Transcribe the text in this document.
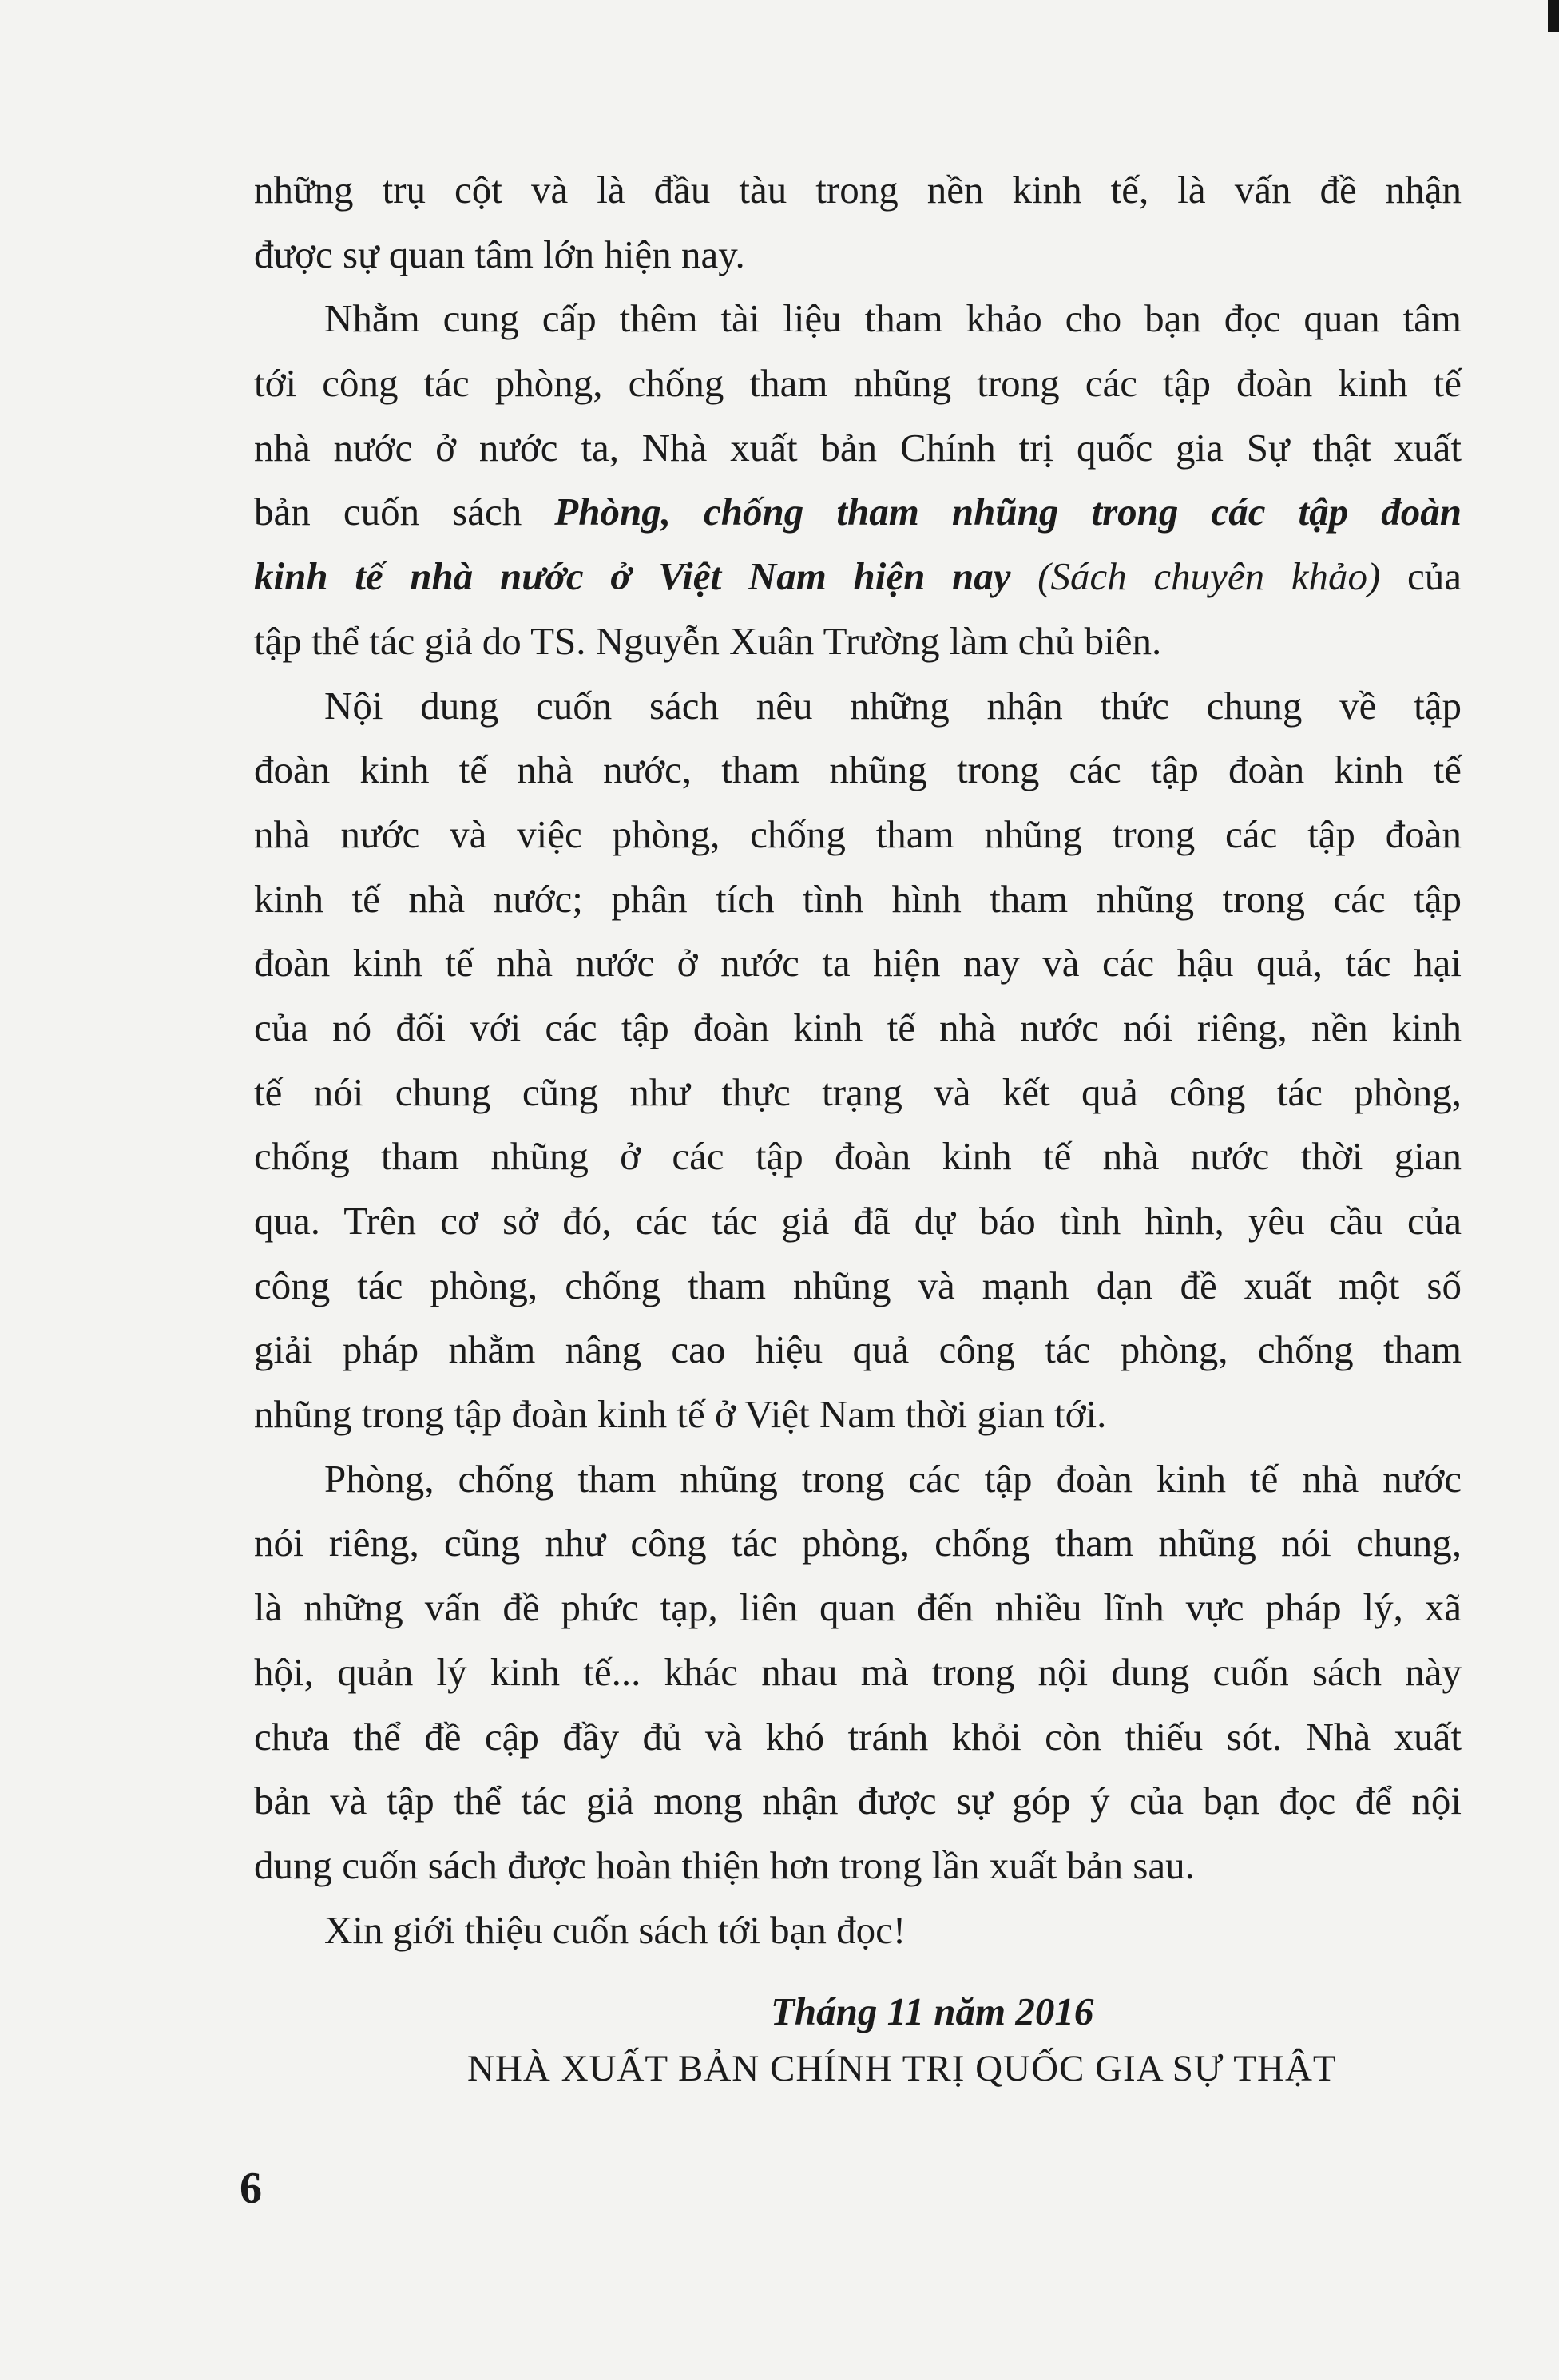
những trụ cột và là đầu tàu trong nền kinh tế, là vấn đề nhận
được sự quan tâm lớn hiện nay.
Nhằm cung cấp thêm tài liệu tham khảo cho bạn đọc quan tâm
tới công tác phòng, chống tham nhũng trong các tập đoàn kinh tế
nhà nước ở nước ta, Nhà xuất bản Chính trị quốc gia Sự thật xuất
bản cuốn sách Phòng, chống tham nhũng trong các tập đoàn
kinh tế nhà nước ở Việt Nam hiện nay (Sách chuyên khảo) của
tập thể tác giả do TS. Nguyễn Xuân Trường làm chủ biên.
Nội dung cuốn sách nêu những nhận thức chung về tập
đoàn kinh tế nhà nước, tham nhũng trong các tập đoàn kinh tế
nhà nước và việc phòng, chống tham nhũng trong các tập đoàn
kinh tế nhà nước; phân tích tình hình tham nhũng trong các tập
đoàn kinh tế nhà nước ở nước ta hiện nay và các hậu quả, tác hại
của nó đối với các tập đoàn kinh tế nhà nước nói riêng, nền kinh
tế nói chung cũng như thực trạng và kết quả công tác phòng,
chống tham nhũng ở các tập đoàn kinh tế nhà nước thời gian
qua. Trên cơ sở đó, các tác giả đã dự báo tình hình, yêu cầu của
công tác phòng, chống tham nhũng và mạnh dạn đề xuất một số
giải pháp nhằm nâng cao hiệu quả công tác phòng, chống tham
nhũng trong tập đoàn kinh tế ở Việt Nam thời gian tới.
Phòng, chống tham nhũng trong các tập đoàn kinh tế nhà nước
nói riêng, cũng như công tác phòng, chống tham nhũng nói chung,
là những vấn đề phức tạp, liên quan đến nhiều lĩnh vực pháp lý, xã
hội, quản lý kinh tế... khác nhau mà trong nội dung cuốn sách này
chưa thể đề cập đầy đủ và khó tránh khỏi còn thiếu sót. Nhà xuất
bản và tập thể tác giả mong nhận được sự góp ý của bạn đọc để nội
dung cuốn sách được hoàn thiện hơn trong lần xuất bản sau.
Xin giới thiệu cuốn sách tới bạn đọc!
Tháng 11 năm 2016
NHÀ XUẤT BẢN CHÍNH TRỊ QUỐC GIA SỰ THẬT
6
